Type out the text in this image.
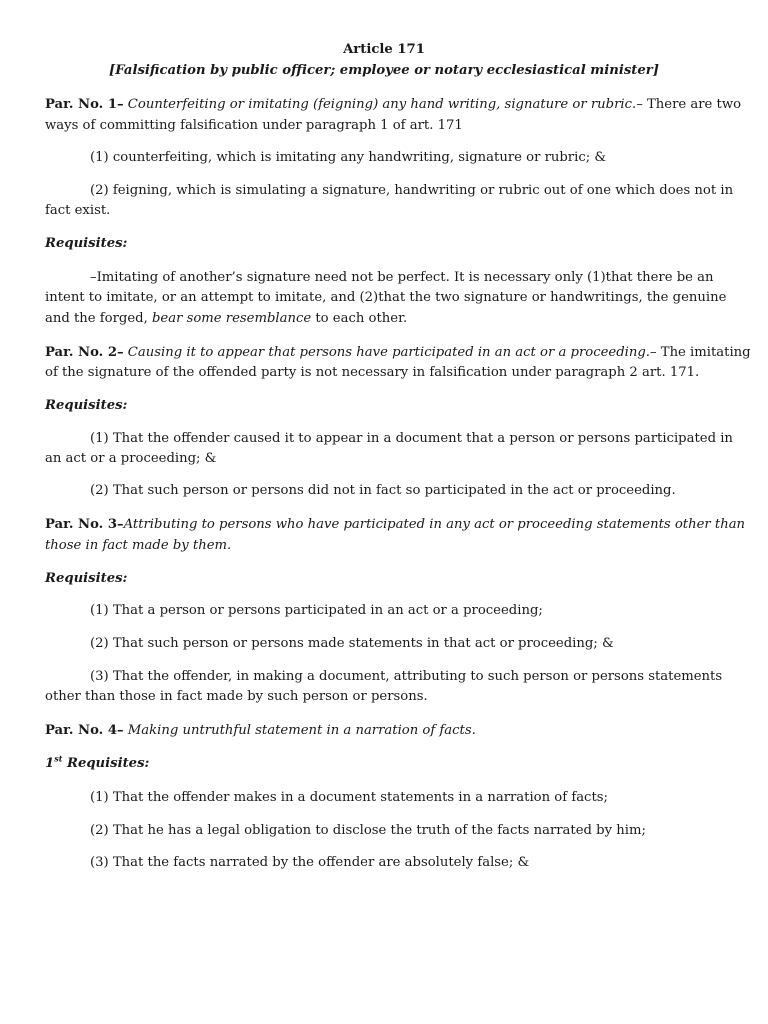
Article 171

[Falsification by public officer; employee or notary ecclesiastical minister]

Par. No. 1– Counterfeiting or imitating (feigning) any hand writing, signature or rubric.– There are two

ways of committing falsification under paragraph 1 of art. 171

(1) counterfeiting, which is imitating any handwriting, signature or rubric; &

(2) feigning, which is simulating a signature, handwriting or rubric out of one which does not in

fact exist.

Requisites:

–Imitating of another’s signature need not be perfect. It is necessary only (1)that there be an

intent to imitate, or an attempt to imitate, and (2)that the two signature or handwritings, the genuine

and the forged, bear some resemblance to each other.

Par. No. 2– Causing it to appear that persons have participated in an act or a proceeding.– The imitating

of the signature of the offended party is not necessary in falsification under paragraph 2 art. 171.

Requisites:

(1) That the offender caused it to appear in a document that a person or persons participated in

an act or a proceeding; &

(2) That such person or persons did not in fact so participated in the act or proceeding.

Par. No. 3–Attributing to persons who have participated in any act or proceeding statements other than

those in fact made by them.

Requisites:

(1) That a person or persons participated in an act or a proceeding;

(2) That such person or persons made statements in that act or proceeding; &

(3) That the offender, in making a document, attributing to such person or persons statements

other than those in fact made by such person or persons.

Par. No. 4– Making untruthful statement in a narration of facts.

1st Requisites:

(1) That the offender makes in a document statements in a narration of facts;

(2) That he has a legal obligation to disclose the truth of the facts narrated by him;

(3) That the facts narrated by the offender are absolutely false; &
